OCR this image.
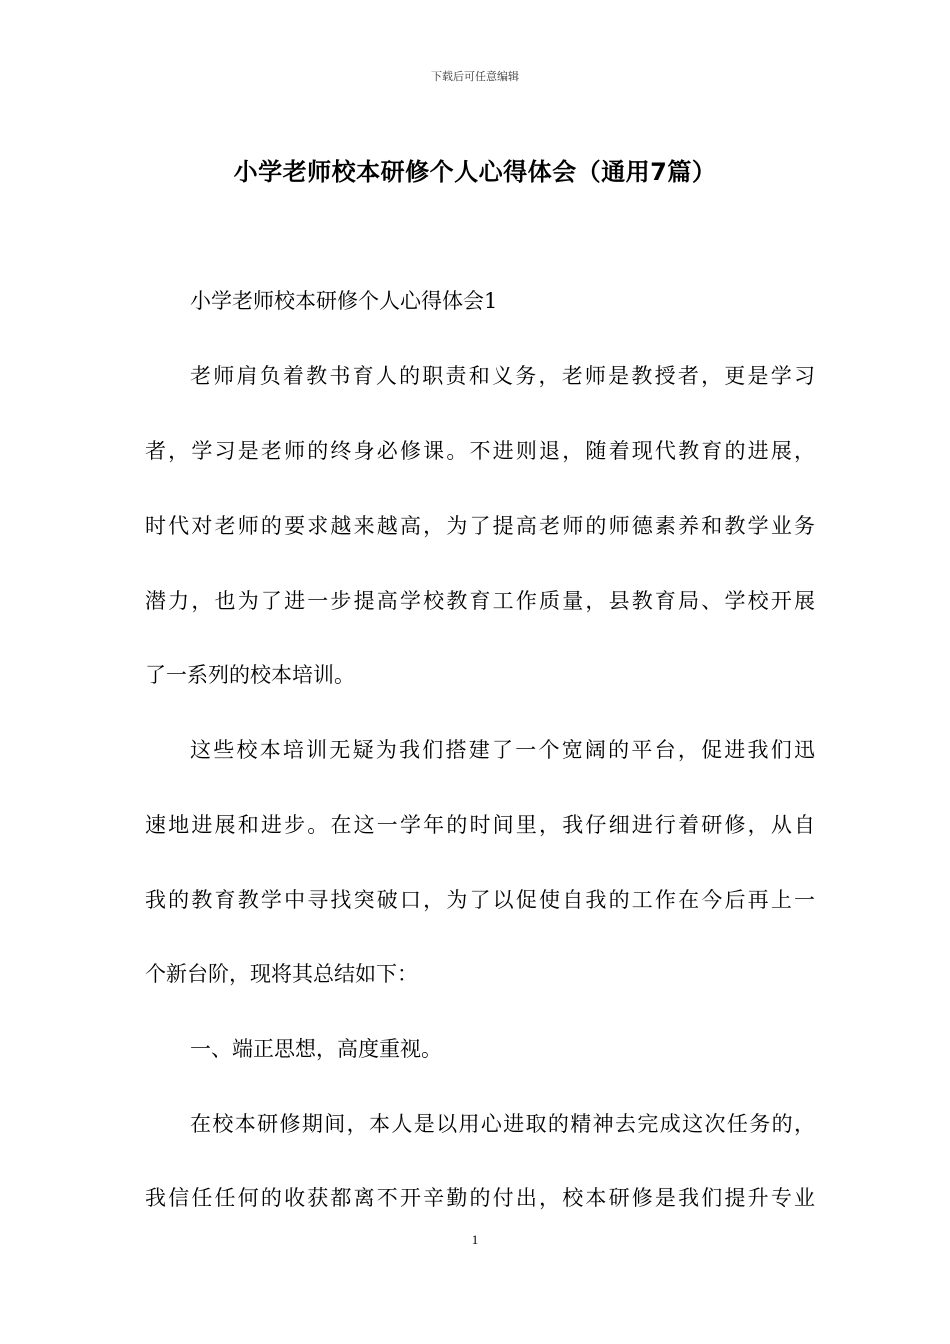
下载后可任意编辑
小学老师校本研修个人心得体会（通用7篇）
小学老师校本研修个人心得体会1
老师肩负着教书育人的职责和义务，老师是教授者，更是学习
者，学习是老师的终身必修课。不进则退，随着现代教育的进展，
时代对老师的要求越来越高，为了提高老师的师德素养和教学业务
潜力，也为了进一步提高学校教育工作质量，县教育局、学校开展
了一系列的校本培训。
这些校本培训无疑为我们搭建了一个宽阔的平台，促进我们迅
速地进展和进步。在这一学年的时间里，我仔细进行着研修，从自
我的教育教学中寻找突破口，为了以促使自我的工作在今后再上一
个新台阶，现将其总结如下：
一、端正思想，高度重视。
在校本研修期间，本人是以用心进取的精神去完成这次任务的，
我信任任何的收获都离不开辛勤的付出，校本研修是我们提升专业
1
